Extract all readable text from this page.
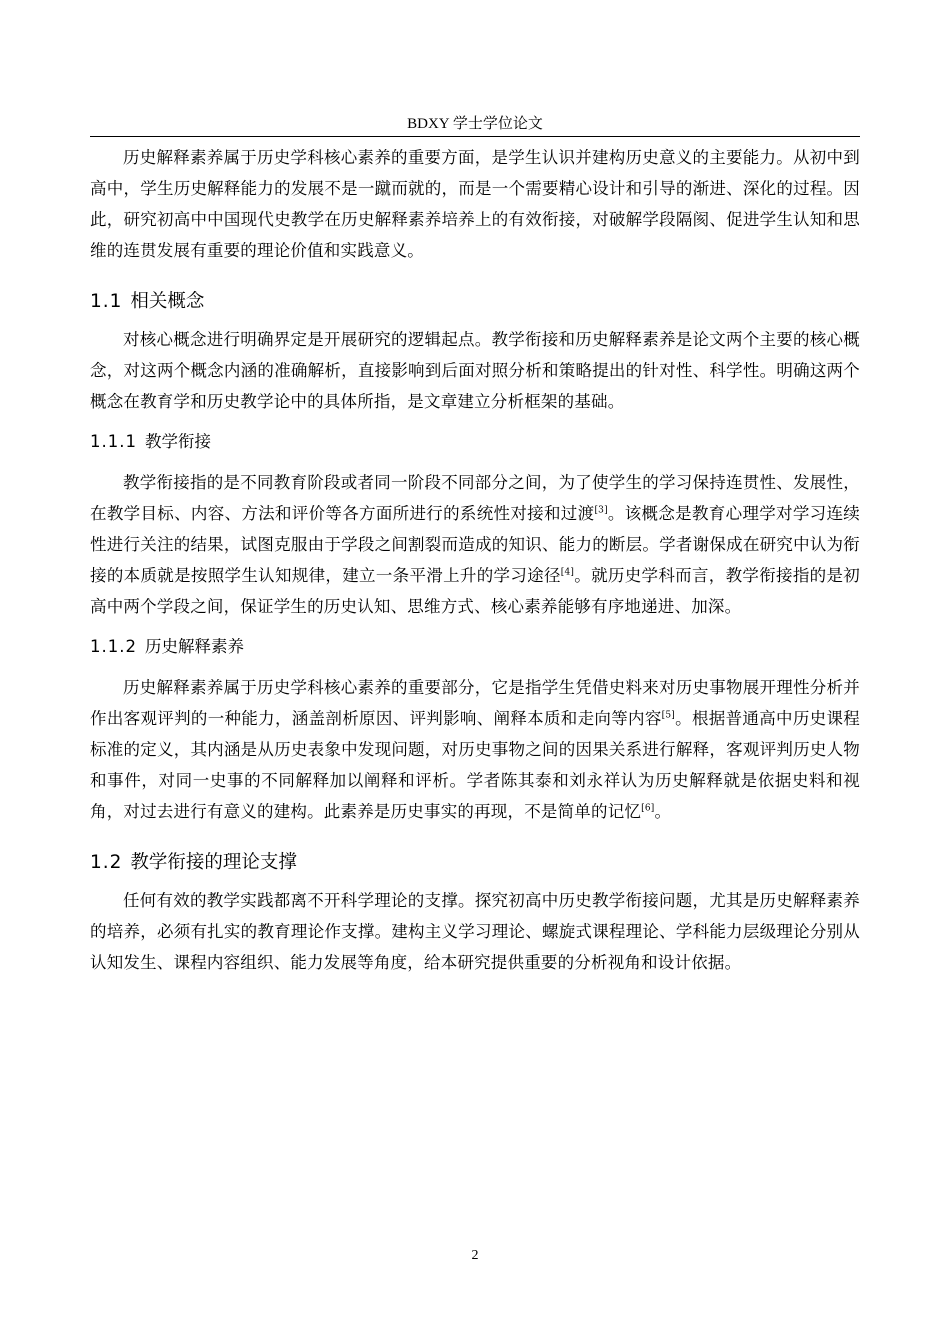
BDXY 学士学位论文

历史解释素养属于历史学科核心素养的重要方面，是学生认识并建构历史意义的主要能力。从初中到高中，学生历史解释能力的发展不是一蹴而就的，而是一个需要精心设计和引导的渐进、深化的过程。因此，研究初高中中国现代史教学在历史解释素养培养上的有效衔接，对破解学段隔阂、促进学生认知和思维的连贯发展有重要的理论价值和实践意义。

1.1 相关概念

对核心概念进行明确界定是开展研究的逻辑起点。教学衔接和历史解释素养是论文两个主要的核心概念，对这两个概念内涵的准确解析，直接影响到后面对照分析和策略提出的针对性、科学性。明确这两个概念在教育学和历史教学论中的具体所指，是文章建立分析框架的基础。

1.1.1 教学衔接

教学衔接指的是不同教育阶段或者同一阶段不同部分之间，为了使学生的学习保持连贯性、发展性，在教学目标、内容、方法和评价等各方面所进行的系统性对接和过渡[3]。该概念是教育心理学对学习连续性进行关注的结果，试图克服由于学段之间割裂而造成的知识、能力的断层。学者谢保成在研究中认为衔接的本质就是按照学生认知规律，建立一条平滑上升的学习途径[4]。就历史学科而言，教学衔接指的是初高中两个学段之间，保证学生的历史认知、思维方式、核心素养能够有序地递进、加深。

1.1.2 历史解释素养

历史解释素养属于历史学科核心素养的重要部分，它是指学生凭借史料来对历史事物展开理性分析并作出客观评判的一种能力，涵盖剖析原因、评判影响、阐释本质和走向等内容[5]。根据普通高中历史课程标准的定义，其内涵是从历史表象中发现问题，对历史事物之间的因果关系进行解释，客观评判历史人物和事件，对同一史事的不同解释加以阐释和评析。学者陈其泰和刘永祥认为历史解释就是依据史料和视角，对过去进行有意义的建构。此素养是历史事实的再现，不是简单的记忆[6]。

1.2 教学衔接的理论支撑

任何有效的教学实践都离不开科学理论的支撑。探究初高中历史教学衔接问题，尤其是历史解释素养的培养，必须有扎实的教育理论作支撑。建构主义学习理论、螺旋式课程理论、学科能力层级理论分别从认知发生、课程内容组织、能力发展等角度，给本研究提供重要的分析视角和设计依据。

2
